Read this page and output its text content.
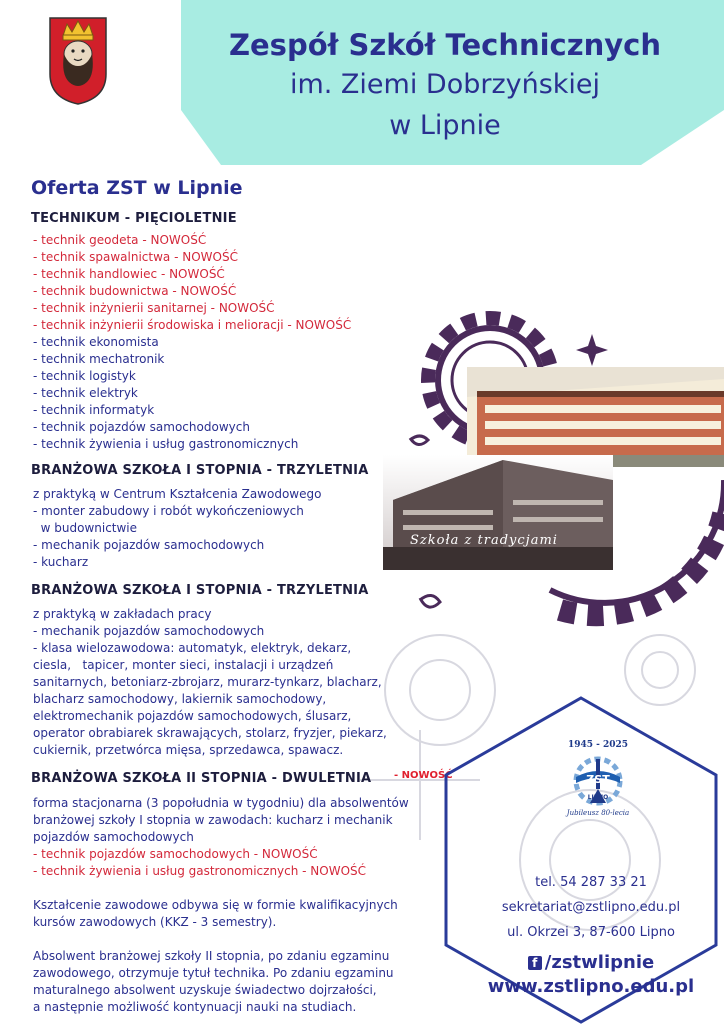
Zespół Szkół Technicznych
im. Ziemi Dobrzyńskiej
w Lipnie
Szkoła z tradycjami
Oferta ZST w Lipnie
TECHNIKUM - PIĘCIOLETNIE
- technik geodeta - NOWOŚĆ
- technik spawalnictwa - NOWOŚĆ
- technik handlowiec - NOWOŚĆ
- technik budownictwa - NOWOŚĆ
- technik inżynierii sanitarnej - NOWOŚĆ
- technik inżynierii środowiska i melioracji - NOWOŚĆ
- technik ekonomista
- technik mechatronik
- technik logistyk
- technik elektryk
- technik informatyk
- technik pojazdów samochodowych
- technik żywienia i usług gastronomicznych
BRANŻOWA SZKOŁA I STOPNIA - TRZYLETNIA
z praktyką w Centrum Kształcenia Zawodowego
- monter zabudowy i robót wykończeniowych
w budownictwie
- mechanik pojazdów samochodowych
- kucharz
BRANŻOWA SZKOŁA I STOPNIA - TRZYLETNIA
z praktyką w zakładach pracy
- mechanik pojazdów samochodowych
- klasa wielozawodowa: automatyk, elektryk, dekarz,
ciesla,   tapicer, monter sieci, instalacji i urządzeń
sanitarnych, betoniarz-zbrojarz, murarz-tynkarz, blacharz,
blacharz samochodowy, lakiernik samochodowy,
elektromechanik pojazdów samochodowych, ślusarz,
operator obrabiarek skrawających, stolarz, fryzjer, piekarz,
cukiernik, przetwórca mięsa, sprzedawca, spawacz.
BRANŻOWA SZKOŁA II STOPNIA - DWULETNIA - NOWOŚĆ
forma stacjonarna (3 popołudnia w tygodniu) dla absolwentów
branżowej szkoły I stopnia w zawodach: kucharz i mechanik
pojazdów samochodowych
- technik pojazdów samochodowych - NOWOŚĆ
- technik żywienia i usług gastronomicznych - NOWOŚĆ
Kształcenie zawodowe odbywa się w formie kwalifikacyjnych
kursów zawodowych (KKZ - 3 semestry).
Absolwent branżowej szkoły II stopnia, po zdaniu egzaminu
zawodowego, otrzymuje tytuł technika. Po zdaniu egzaminu
maturalnego absolwent uzyskuje świadectwo dojrzałości,
a następnie możliwość kontynuacji nauki na studiach.
1945 - 2025
ZST
LIPNO
Jubileusz 80-lecia
tel. 54 287 33 21
sekretariat@zstlipno.edu.pl
ul. Okrzei 3, 87-600 Lipno
f /zstwlipnie
www.zstlipno.edu.pl
